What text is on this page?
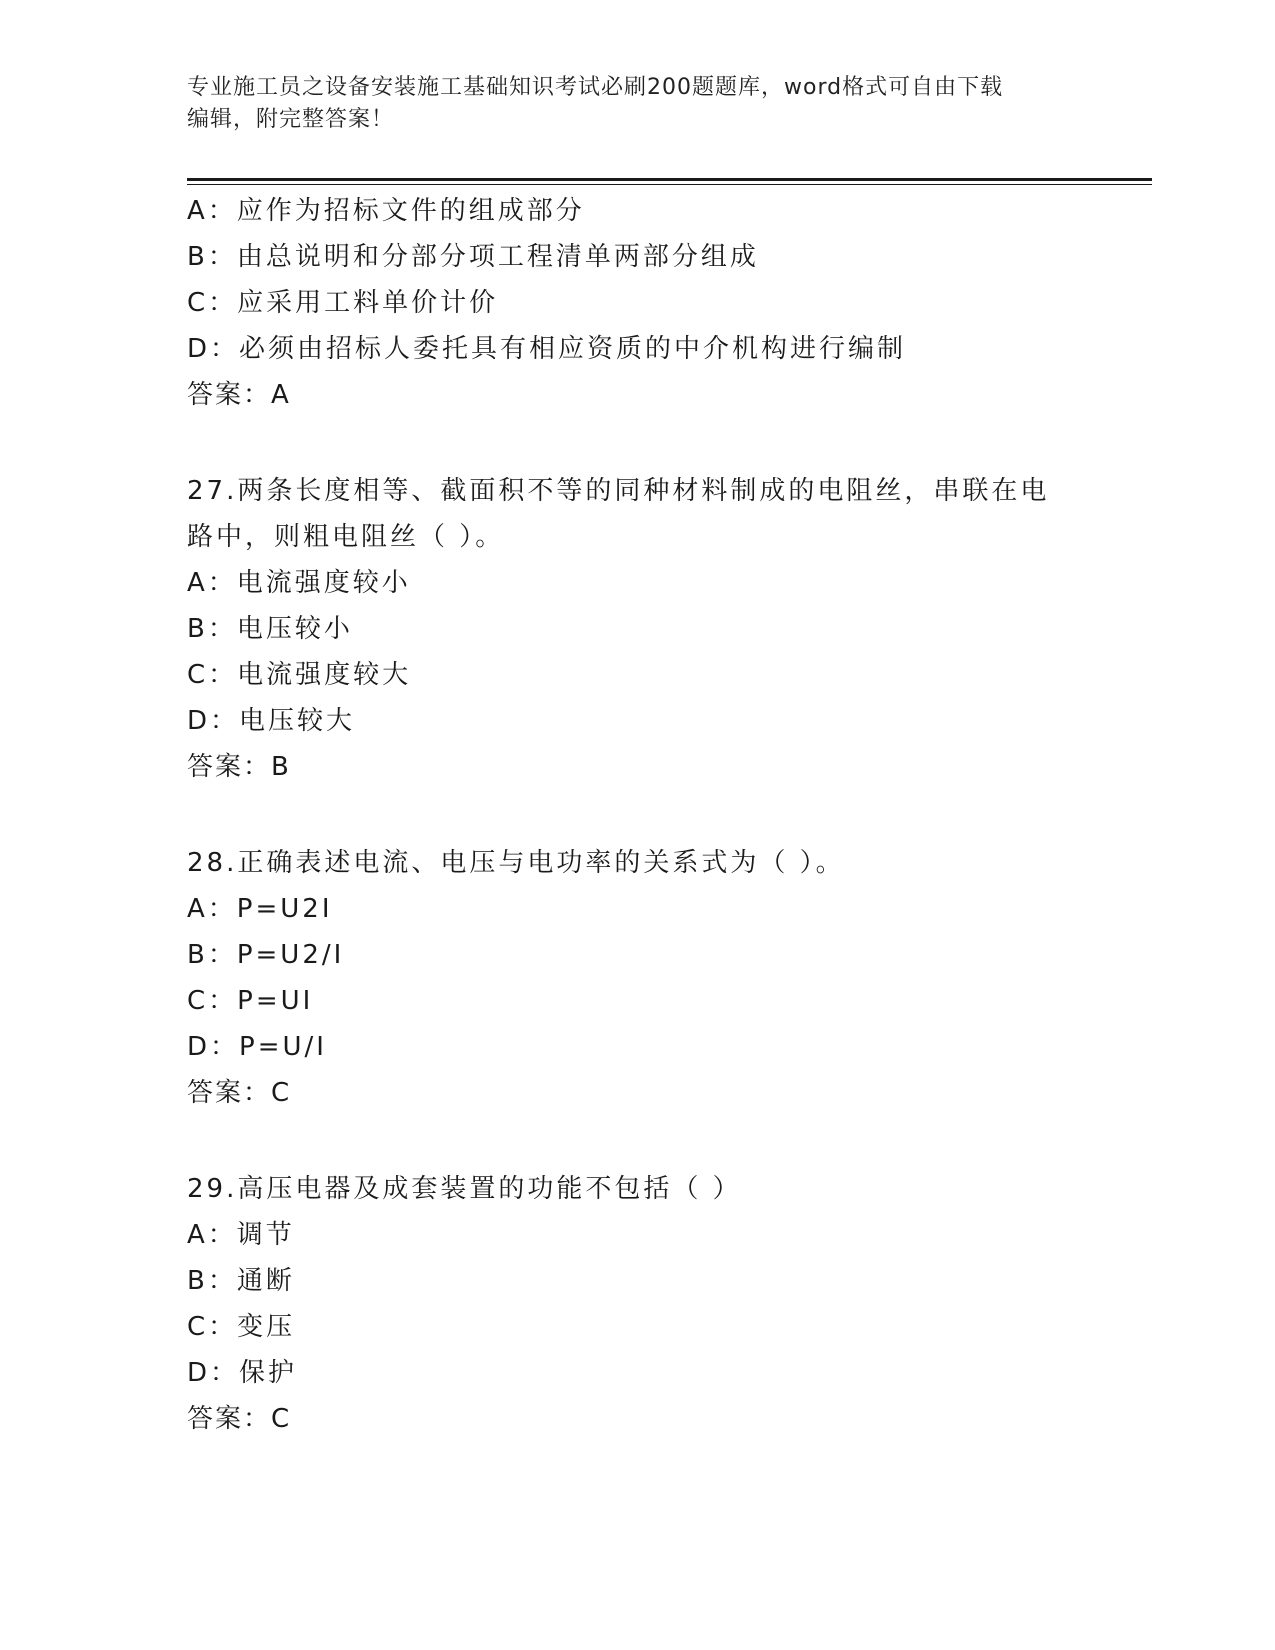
专业施工员之设备安装施工基础知识考试必刷200题题库，word格式可自由下载
编辑，附完整答案！
A：应作为招标文件的组成部分
B：由总说明和分部分项工程清单两部分组成
C：应采用工料单价计价
D：必须由招标人委托具有相应资质的中介机构进行编制
答案：A
27.两条长度相等、截面积不等的同种材料制成的电阻丝，串联在电路中，则粗电阻丝（ ）。
A：电流强度较小
B：电压较小
C：电流强度较大
D：电压较大
答案：B
28.正确表述电流、电压与电功率的关系式为（ ）。
A：P=U2I
B：P=U2/I
C：P=UI
D：P=U/I
答案：C
29.高压电器及成套装置的功能不包括（ ）
A：调节
B：通断
C：变压
D：保护
答案：C
